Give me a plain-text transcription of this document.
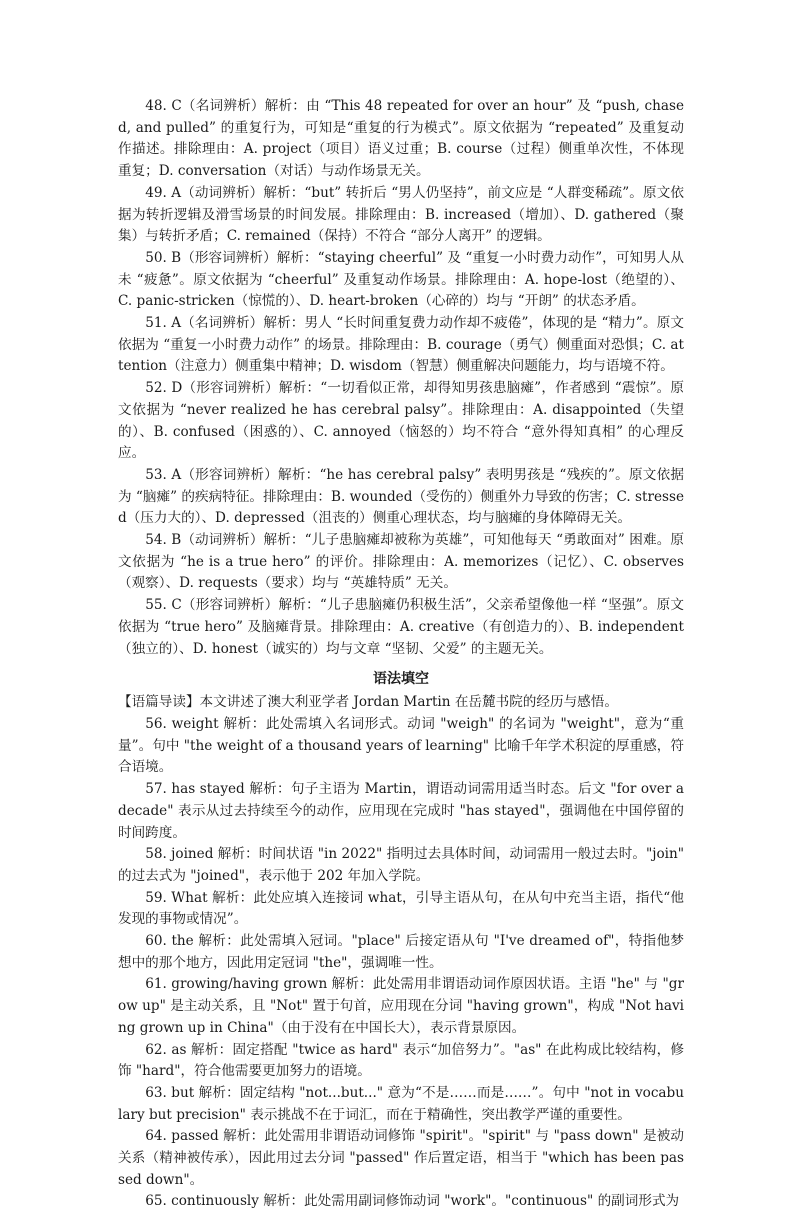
48. C（名词辨析）解析：由 “This 48 repeated for over an hour” 及 “push, chased, and pulled” 的重复行为，可知是“重复的行为模式”。原文依据为 “repeated” 及重复动作描述。排除理由：A. project（项目）语义过重；B. course（过程）侧重单次性，不体现重复；D. conversation（对话）与动作场景无关。

49. A（动词辨析）解析：“but” 转折后 “男人仍坚持”，前文应是 “人群变稀疏”。原文依据为转折逻辑及滑雪场景的时间发展。排除理由：B. increased（增加）、D. gathered（聚集）与转折矛盾；C. remained（保持）不符合 “部分人离开” 的逻辑。

50. B（形容词辨析）解析：“staying cheerful” 及 “重复一小时费力动作”，可知男人从未 “疲惫”。原文依据为 “cheerful” 及重复动作场景。排除理由：A. hope-lost（绝望的）、C. panic-stricken（惊慌的）、D. heart-broken（心碎的）均与 “开朗” 的状态矛盾。

51. A（名词辨析）解析：男人 “长时间重复费力动作却不疲倦”，体现的是 “精力”。原文依据为 “重复一小时费力动作” 的场景。排除理由：B. courage（勇气）侧重面对恐惧；C. attention（注意力）侧重集中精神；D. wisdom（智慧）侧重解决问题能力，均与语境不符。

52. D（形容词辨析）解析：“一切看似正常，却得知男孩患脑瘫”，作者感到 “震惊”。原文依据为 “never realized he has cerebral palsy”。排除理由：A. disappointed（失望的）、B. confused（困惑的）、C. annoyed（恼怒的）均不符合 “意外得知真相” 的心理反应。

53. A（形容词辨析）解析：“he has cerebral palsy” 表明男孩是 “残疾的”。原文依据为 “脑瘫” 的疾病特征。排除理由：B. wounded（受伤的）侧重外力导致的伤害；C. stressed（压力大的）、D. depressed（沮丧的）侧重心理状态，均与脑瘫的身体障碍无关。

54. B（动词辨析）解析：“儿子患脑瘫却被称为英雄”，可知他每天 “勇敢面对” 困难。原文依据为 “he is a true hero” 的评价。排除理由：A. memorizes（记忆）、C. observes（观察）、D. requests（要求）均与 “英雄特质” 无关。

55. C（形容词辨析）解析：“儿子患脑瘫仍积极生活”，父亲希望像他一样 “坚强”。原文依据为 “true hero” 及脑瘫背景。排除理由：A. creative（有创造力的）、B. independent（独立的）、D. honest（诚实的）均与文章 “坚韧、父爱” 的主题无关。

语法填空

【语篇导读】本文讲述了澳大利亚学者 Jordan Martin 在岳麓书院的经历与感悟。

56. weight 解析：此处需填入名词形式。动词 "weigh" 的名词为 "weight"，意为“重量”。句中 "the weight of a thousand years of learning" 比喻千年学术积淀的厚重感，符合语境。

57. has stayed 解析：句子主语为 Martin，谓语动词需用适当时态。后文 "for over a decade" 表示从过去持续至今的动作，应用现在完成时 "has stayed"，强调他在中国停留的时间跨度。

58. joined 解析：时间状语 "in 2022" 指明过去具体时间，动词需用一般过去时。"join" 的过去式为 "joined"，表示他于 202 年加入学院。

59. What 解析：此处应填入连接词 what，引导主语从句，在从句中充当主语，指代“他发现的事物或情况”。

60. the 解析：此处需填入冠词。"place" 后接定语从句 "I've dreamed of"，特指他梦想中的那个地方，因此用定冠词 "the"，强调唯一性。

61. growing/having grown 解析：此处需用非谓语动词作原因状语。主语 "he" 与 "grow up" 是主动关系，且 "Not" 置于句首，应用现在分词 "having grown"，构成 "Not having grown up in China"（由于没有在中国长大），表示背景原因。

62. as 解析：固定搭配 "twice as hard" 表示“加倍努力”。"as" 在此构成比较结构，修饰 "hard"，符合他需要更加努力的语境。

63. but 解析：固定结构 "not...but..." 意为“不是……而是……”。句中 "not in vocabulary but precision" 表示挑战不在于词汇，而在于精确性，突出教学严谨的重要性。

64. passed 解析：此处需用非谓语动词修饰 "spirit"。"spirit" 与 "pass down" 是被动关系（精神被传承），因此用过去分词 "passed" 作后置定语，相当于 "which has been passed down"。

65. continuously 解析：此处需用副词修饰动词 "work"。"continuous" 的副词形式为
